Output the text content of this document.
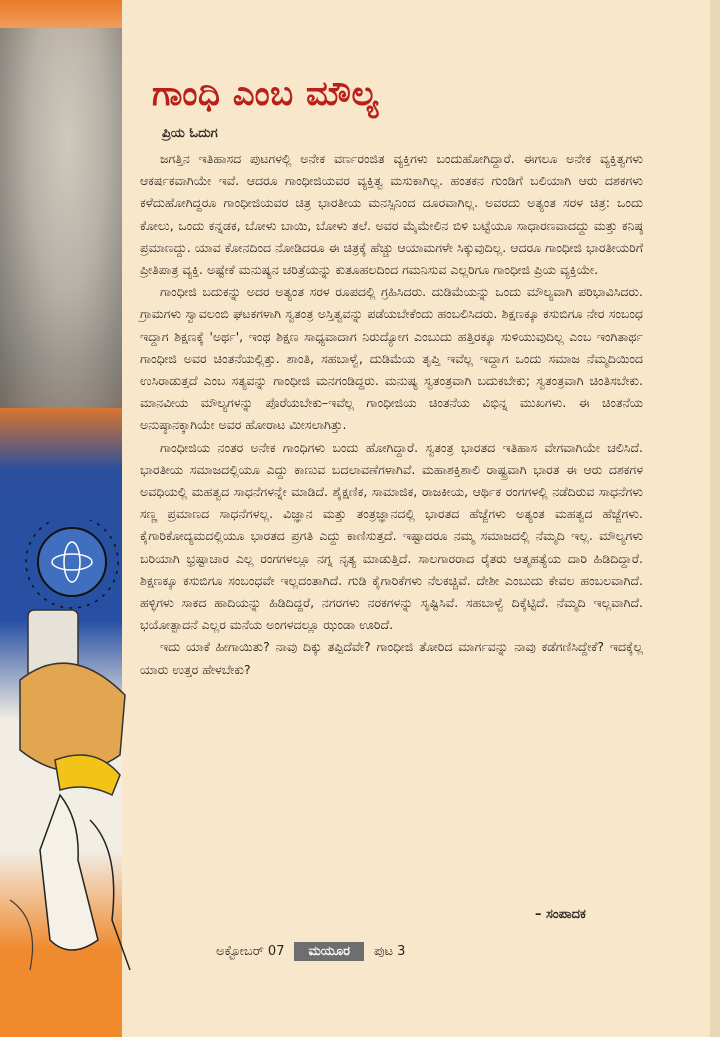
ಗಾಂಧಿ ಎಂಬ ಮೌಲ್ಯ
ಪ್ರಿಯ ಓದುಗ

ಜಗತ್ತಿನ ಇತಿಹಾಸದ ಪುಟಗಳಲ್ಲಿ ಅನೇಕ ವರ್ಣರಂಜಿತ ವ್ಯಕ್ತಿಗಳು ಬಂದುಹೋಗಿದ್ದಾರೆ. ಈಗಲೂ ಅನೇಕ ವ್ಯಕ್ತಿತ್ವಗಳು ಆಕರ್ಷಕವಾಗಿಯೇ ಇವೆ. ಆದರೂ ಗಾಂಧೀಜಿಯವರ ವ್ಯಕ್ತಿತ್ವ ಮಸುಕಾಗಿಲ್ಲ. ಹಂತಕನ ಗುಂಡಿಗೆ ಬಲಿಯಾಗಿ ಆರು ದಶಕಗಳು ಕಳೆದುಹೋಗಿದ್ದರೂ ಗಾಂಧೀಜಿಯವರ ಚಿತ್ರ ಭಾರತೀಯ ಮನಸ್ಸಿನಿಂದ ದೂರವಾಗಿಲ್ಲ. ಅವರದು ಅತ್ಯಂತ ಸರಳ ಚಿತ್ರ: ಒಂದು ಕೋಲು, ಒಂದು ಕನ್ನಡಕ, ಬೋಳು ಬಾಯಿ, ಬೋಳು ತಲೆ. ಅವರ ಮೈಮೇಲಿನ ಬಿಳಿ ಬಟ್ಟೆಯೂ ಸಾಧಾರಣವಾದದ್ದು ಮತ್ತು ಕನಿಷ್ಠ ಪ್ರಮಾಣದ್ದು. ಯಾವ ಕೋನದಿಂದ ನೋಡಿದರೂ ಈ ಚಿತ್ರಕ್ಕೆ ಹೆಚ್ಚು ಆಯಾಮಗಳೇ ಸಿಕ್ಕುವುದಿಲ್ಲ. ಆದರೂ ಗಾಂಧೀಜಿ ಭಾರತೀಯರಿಗೆ ಪ್ರೀತಿಪಾತ್ರ ವ್ಯಕ್ತಿ. ಅಷ್ಟೇಕೆ ಮನುಷ್ಯನ ಚರಿತ್ರೆಯನ್ನು ಕುತೂಹಲದಿಂದ ಗಮನಿಸುವ ಎಲ್ಲರಿಗೂ ಗಾಂಧೀಜಿ ಪ್ರಿಯ ವ್ಯಕ್ತಿಯೇ.

ಗಾಂಧೀಜಿ ಬದುಕನ್ನು ಅದರ ಅತ್ಯಂತ ಸರಳ ರೂಪದಲ್ಲಿ ಗ್ರಹಿಸಿದರು. ದುಡಿಮೆಯನ್ನು ಒಂದು ಮೌಲ್ಯವಾಗಿ ಪರಿಭಾವಿಸಿದರು. ಗ್ರಾಮಗಳು ಸ್ವಾವಲಂಬಿ ಘಟಕಗಳಾಗಿ ಸ್ವತಂತ್ರ ಅಸ್ತಿತ್ವವನ್ನು ಪಡೆಯಬೇಕೆಂದು ಹಂಬಲಿಸಿದರು. ಶಿಕ್ಷಣಕ್ಕೂ ಕಸುಬಿಗೂ ನೇರ ಸಂಬಂಧ ಇದ್ದಾಗ ಶಿಕ್ಷಣಕ್ಕೆ 'ಅರ್ಥ', ಇಂಥ ಶಿಕ್ಷಣ ಸಾಧ್ಯವಾದಾಗ ನಿರುದ್ಯೋಗ ಎಂಬುದು ಹತ್ತಿರಕ್ಕೂ ಸುಳಿಯುವುದಿಲ್ಲ ಎಂಬ ಇಂಗಿತಾರ್ಥ ಗಾಂಧೀಜಿ ಅವರ ಚಿಂತನೆಯಲ್ಲಿತ್ತು. ಶಾಂತಿ, ಸಹಬಾಳ್ವೆ, ದುಡಿಮೆಯ ತೃಪ್ತಿ ಇವೆಲ್ಲ ಇದ್ದಾಗ ಒಂದು ಸಮಾಜ ನೆಮ್ಮದಿಯಿಂದ ಉಸಿರಾಡುತ್ತದೆ ಎಂಬ ಸತ್ಯವನ್ನು ಗಾಂಧೀಜಿ ಮನಗಂಡಿದ್ದರು. ಮನುಷ್ಯ ಸ್ವತಂತ್ರವಾಗಿ ಬದುಕಬೇಕು; ಸ್ವತಂತ್ರವಾಗಿ ಚಿಂತಿಸಬೇಕು. ಮಾನವೀಯ ಮೌಲ್ಯಗಳನ್ನು ಪೊರೆಯಬೇಕು–ಇವೆಲ್ಲ ಗಾಂಧೀಜಿಯ ಚಿಂತನೆಯ ವಿಭಿನ್ನ ಮುಖಗಳು. ಈ ಚಿಂತನೆಯ ಅನುಷ್ಠಾನಕ್ಕಾಗಿಯೇ ಅವರ ಹೋರಾಟ ಮೀಸಲಾಗಿತ್ತು.

ಗಾಂಧೀಜಿಯ ನಂತರ ಅನೇಕ ಗಾಂಧಿಗಳು ಬಂದು ಹೋಗಿದ್ದಾರೆ. ಸ್ವತಂತ್ರ ಭಾರತದ ಇತಿಹಾಸ ವೇಗವಾಗಿಯೇ ಚಲಿಸಿದೆ. ಭಾರತೀಯ ಸಮಾಜದಲ್ಲಿಯೂ ಎದ್ದು ಕಾಣುವ ಬದಲಾವಣೆಗಳಾಗಿವೆ. ಮಹಾಶಕ್ತಿಶಾಲಿ ರಾಷ್ಟ್ರವಾಗಿ ಭಾರತ ಈ ಆರು ದಶಕಗಳ ಅವಧಿಯಲ್ಲಿ ಮಹತ್ವದ ಸಾಧನೆಗಳನ್ನೇ ಮಾಡಿದೆ. ಶೈಕ್ಷಣಿಕ, ಸಾಮಾಜಿಕ, ರಾಜಕೀಯ, ಆರ್ಥಿಕ ರಂಗಗಳಲ್ಲಿ ನಡೆದಿರುವ ಸಾಧನೆಗಳು ಸಣ್ಣ ಪ್ರಮಾಣದ ಸಾಧನೆಗಳಲ್ಲ. ವಿಜ್ಞಾನ ಮತ್ತು ತಂತ್ರಜ್ಞಾನದಲ್ಲಿ ಭಾರತದ ಹೆಜ್ಜೆಗಳು ಅತ್ಯಂತ ಮಹತ್ವದ ಹೆಜ್ಜೆಗಳು. ಕೈಗಾರಿಕೋದ್ಯಮದಲ್ಲಿಯೂ ಭಾರತದ ಪ್ರಗತಿ ಎದ್ದು ಕಾಣಿಸುತ್ತದೆ. ಇಷ್ಟಾದರೂ ನಮ್ಮ ಸಮಾಜದಲ್ಲಿ ನೆಮ್ಮದಿ ಇಲ್ಲ. ಮೌಲ್ಯಗಳು ಬರಿಯಾಗಿ ಭ್ರಷ್ಟಾಚಾರ ಎಲ್ಲ ರಂಗಗಳಲ್ಲೂ ನಗ್ನ ನೃತ್ಯ ಮಾಡುತ್ತಿದೆ. ಸಾಲಗಾರರಾದ ರೈತರು ಆತ್ಮಹತ್ಯೆಯ ದಾರಿ ಹಿಡಿದಿದ್ದಾರೆ. ಶಿಕ್ಷಣಕ್ಕೂ ಕಸುಬಿಗೂ ಸಂಬಂಧವೇ ಇಲ್ಲದಂತಾಗಿದೆ. ಗುಡಿ ಕೈಗಾರಿಕೆಗಳು ನೆಲಕಚ್ಚಿವೆ. ದೇಶೀ ಎಂಬುದು ಕೇವಲ ಹಂಬಲವಾಗಿದೆ. ಹಳ್ಳಿಗಳು ಸಾಕದ ಹಾದಿಯನ್ನು ಹಿಡಿದಿದ್ದರೆ, ನಗರಗಳು ನರಕಗಳನ್ನು ಸೃಷ್ಟಿಸಿವೆ. ಸಹಬಾಳ್ವೆ ದಿಕ್ಕೆಟ್ಟಿದೆ. ನೆಮ್ಮದಿ ಇಲ್ಲವಾಗಿದೆ. ಭಯೋತ್ಪಾದನೆ ಎಲ್ಲರ ಮನೆಯ ಅಂಗಳದಲ್ಲೂ ಝಂಡಾ ಊರಿದೆ.

ಇದು ಯಾಕೆ ಹೀಗಾಯಿತು? ನಾವು ದಿಕ್ಕು ತಪ್ಪಿದೆವೇ? ಗಾಂಧೀಜಿ ತೋರಿದ ಮಾರ್ಗವನ್ನು ನಾವು ಕಡೆಗಣಿಸಿದ್ದೇಕೆ? ಇದಕ್ಕೆಲ್ಲ ಯಾರು ಉತ್ತರ ಹೇಳಬೇಕು?

– ಸಂಪಾದಕ
ಅಕ್ಟೋಬರ್ 07	ಮಯೂರ	ಪುಟ 3
